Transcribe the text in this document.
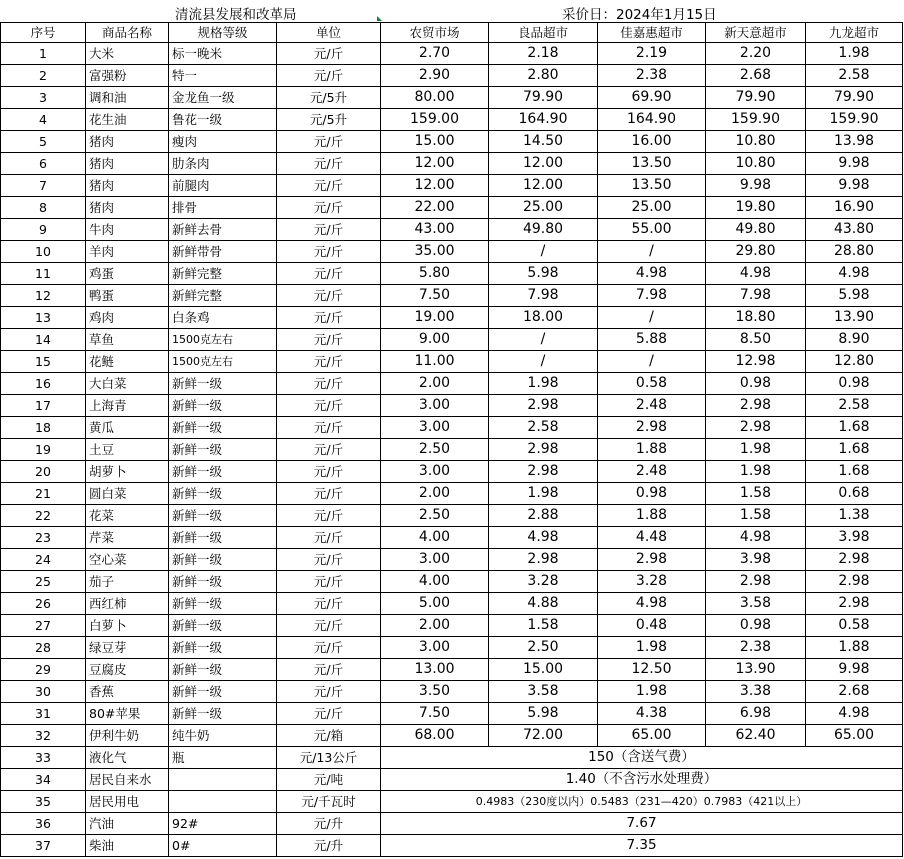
清流县发展和改革局	采价日：2024年1月15日
序号	商品名称	规格等级	单位	农贸市场	良品超市	佳嘉惠超市	新天意超市	九龙超市
1	大米	标一晚米	元/斤	2.70	2.18	2.19	2.20	1.98
2	富强粉	特一	元/斤	2.90	2.80	2.38	2.68	2.58
3	调和油	金龙鱼一级	元/5升	80.00	79.90	69.90	79.90	79.90
4	花生油	鲁花一级	元/5升	159.00	164.90	164.90	159.90	159.90
5	猪肉	瘦肉	元/斤	15.00	14.50	16.00	10.80	13.98
6	猪肉	肋条肉	元/斤	12.00	12.00	13.50	10.80	9.98
7	猪肉	前腿肉	元/斤	12.00	12.00	13.50	9.98	9.98
8	猪肉	排骨	元/斤	22.00	25.00	25.00	19.80	16.90
9	牛肉	新鲜去骨	元/斤	43.00	49.80	55.00	49.80	43.80
10	羊肉	新鲜带骨	元/斤	35.00	/	/	29.80	28.80
11	鸡蛋	新鲜完整	元/斤	5.80	5.98	4.98	4.98	4.98
12	鸭蛋	新鲜完整	元/斤	7.50	7.98	7.98	7.98	5.98
13	鸡肉	白条鸡	元/斤	19.00	18.00	/	18.80	13.90
14	草鱼	1500克左右	元/斤	9.00	/	5.88	8.50	8.90
15	花鲢	1500克左右	元/斤	11.00	/	/	12.98	12.80
16	大白菜	新鲜一级	元/斤	2.00	1.98	0.58	0.98	0.98
17	上海青	新鲜一级	元/斤	3.00	2.98	2.48	2.98	2.58
18	黄瓜	新鲜一级	元/斤	3.00	2.58	2.98	2.98	1.68
19	土豆	新鲜一级	元/斤	2.50	2.98	1.88	1.98	1.68
20	胡萝卜	新鲜一级	元/斤	3.00	2.98	2.48	1.98	1.68
21	圆白菜	新鲜一级	元/斤	2.00	1.98	0.98	1.58	0.68
22	花菜	新鲜一级	元/斤	2.50	2.88	1.88	1.58	1.38
23	芹菜	新鲜一级	元/斤	4.00	4.98	4.48	4.98	3.98
24	空心菜	新鲜一级	元/斤	3.00	2.98	2.98	3.98	2.98
25	茄子	新鲜一级	元/斤	4.00	3.28	3.28	2.98	2.98
26	西红柿	新鲜一级	元/斤	5.00	4.88	4.98	3.58	2.98
27	白萝卜	新鲜一级	元/斤	2.00	1.58	0.48	0.98	0.58
28	绿豆芽	新鲜一级	元/斤	3.00	2.50	1.98	2.38	1.88
29	豆腐皮	新鲜一级	元/斤	13.00	15.00	12.50	13.90	9.98
30	香蕉	新鲜一级	元/斤	3.50	3.58	1.98	3.38	2.68
31	80#苹果	新鲜一级	元/斤	7.50	5.98	4.38	6.98	4.98
32	伊利牛奶	纯牛奶	元/箱	68.00	72.00	65.00	62.40	65.00
33	液化气	瓶	元/13公斤	150（含送气费）				
34	居民自来水		元/吨	1.40（不含污水处理费）				
35	居民用电		元/千瓦时	0.4983（230度以内）0.5483（231—420）0.7983（421以上）				
36	汽油	92#	元/升	7.67				
37	柴油	0#	元/升	7.35				
